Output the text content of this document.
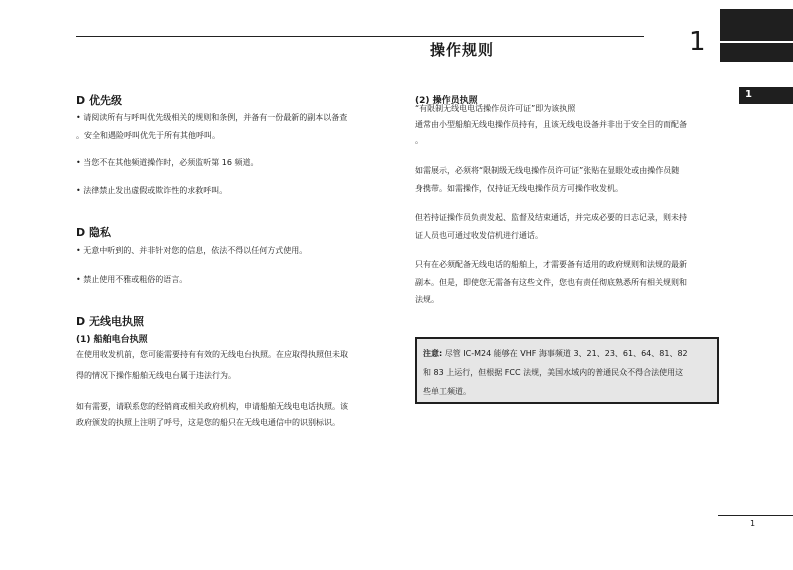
操作规则	1
1
D 优先级
• 请阅读所有与呼叫优先级相关的规则和条例，并备有一份最新的副本以备查
。安全和遇险呼叫优先于所有其他呼叫。
• 当您不在其他频道操作时，必须监听第 16 频道。
• 法律禁止发出虚假或欺诈性的求救呼叫。
D 隐私
• 无意中听到的、并非针对您的信息，依法不得以任何方式使用。
• 禁止使用不雅或粗俗的语言。
D 无线电执照
(1) 船舶电台执照
在使用收发机前，您可能需要持有有效的无线电台执照。在应取得执照但未取
得的情况下操作船舶无线电台属于违法行为。
如有需要，请联系您的经销商或相关政府机构，申请船舶无线电电话执照。该
政府颁发的执照上注明了呼号，这是您的船只在无线电通信中的识别标识。
(2) 操作员执照
“有限制无线电电话操作员许可证”即为该执照
通常由小型船舶无线电操作员持有，且该无线电设备并非出于安全目的而配备
。
如需展示，必须将“限制级无线电操作员许可证”张贴在显眼处或由操作员随
身携带。如需操作，仅持证无线电操作员方可操作收发机。
但若持证操作员负责发起、监督及结束通话，并完成必要的日志记录，则未持
证人员也可通过收发信机进行通话。
只有在必须配备无线电话的船舶上，才需要备有适用的政府规则和法规的最新
副本。但是，即使您无需备有这些文件，您也有责任彻底熟悉所有相关规则和
法规。
注意: 尽管 IC-M24 能够在 VHF 海事频道 3、21、23、61、64、81、82
和 83 上运行，但根据 FCC 法规，美国水域内的普通民众不得合法使用这
些单工频道。
1
